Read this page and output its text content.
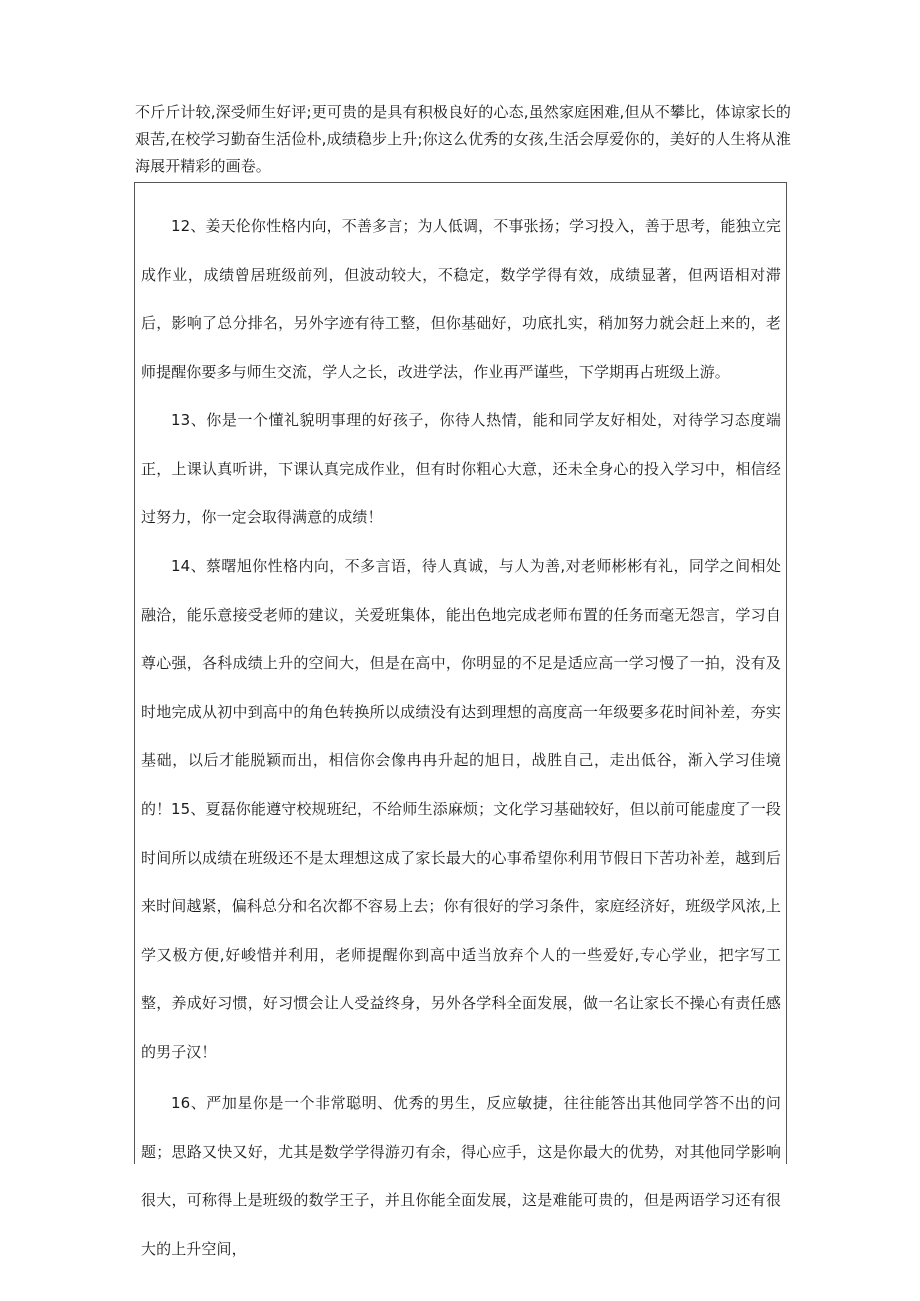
不斤斤计较,深受师生好评;更可贵的是具有积极良好的心态,虽然家庭困难,但从不攀比，体谅家长的艰苦,在校学习勤奋生活俭朴,成绩稳步上升;你这么优秀的女孩,生活会厚爱你的，美好的人生将从淮海展开精彩的画卷。

12、姜天伦你性格内向，不善多言；为人低调，不事张扬；学习投入，善于思考，能独立完成作业，成绩曾居班级前列，但波动较大，不稳定，数学学得有效，成绩显著，但两语相对滞后，影响了总分排名，另外字迹有待工整，但你基础好，功底扎实，稍加努力就会赶上来的，老师提醒你要多与师生交流，学人之长，改进学法，作业再严谨些，下学期再占班级上游。

13、你是一个懂礼貌明事理的好孩子，你待人热情，能和同学友好相处，对待学习态度端正，上课认真听讲，下课认真完成作业，但有时你粗心大意，还未全身心的投入学习中，相信经过努力，你一定会取得满意的成绩！

14、蔡曙旭你性格内向，不多言语，待人真诚，与人为善,对老师彬彬有礼，同学之间相处融洽，能乐意接受老师的建议，关爱班集体，能出色地完成老师布置的任务而毫无怨言，学习自尊心强，各科成绩上升的空间大，但是在高中，你明显的不足是适应高一学习慢了一拍，没有及时地完成从初中到高中的角色转换所以成绩没有达到理想的高度高一年级要多花时间补差，夯实基础，以后才能脱颖而出，相信你会像冉冉升起的旭日，战胜自己，走出低谷，渐入学习佳境的！ 15、夏磊你能遵守校规班纪，不给师生添麻烦；文化学习基础较好，但以前可能虚度了一段时间所以成绩在班级还不是太理想这成了家长最大的心事希望你利用节假日下苦功补差，越到后来时间越紧，偏科总分和名次都不容易上去；你有很好的学习条件，家庭经济好，班级学风浓,上学又极方便,好峻惜并利用，老师提醒你到高中适当放弃个人的一些爱好,专心学业，把字写工整，养成好习惯，好习惯会让人受益终身，另外各学科全面发展，做一名让家长不操心有责任感的男子汉！

16、严加星你是一个非常聪明、优秀的男生，反应敏捷，往往能答出其他同学答不出的问题；思路又快又好，尤其是数学学得游刃有余，得心应手，这是你最大的优势，对其他同学影响很大，可称得上是班级的数学王子，并且你能全面发展，这是难能可贵的，但是两语学习还有很大的上升空间，
